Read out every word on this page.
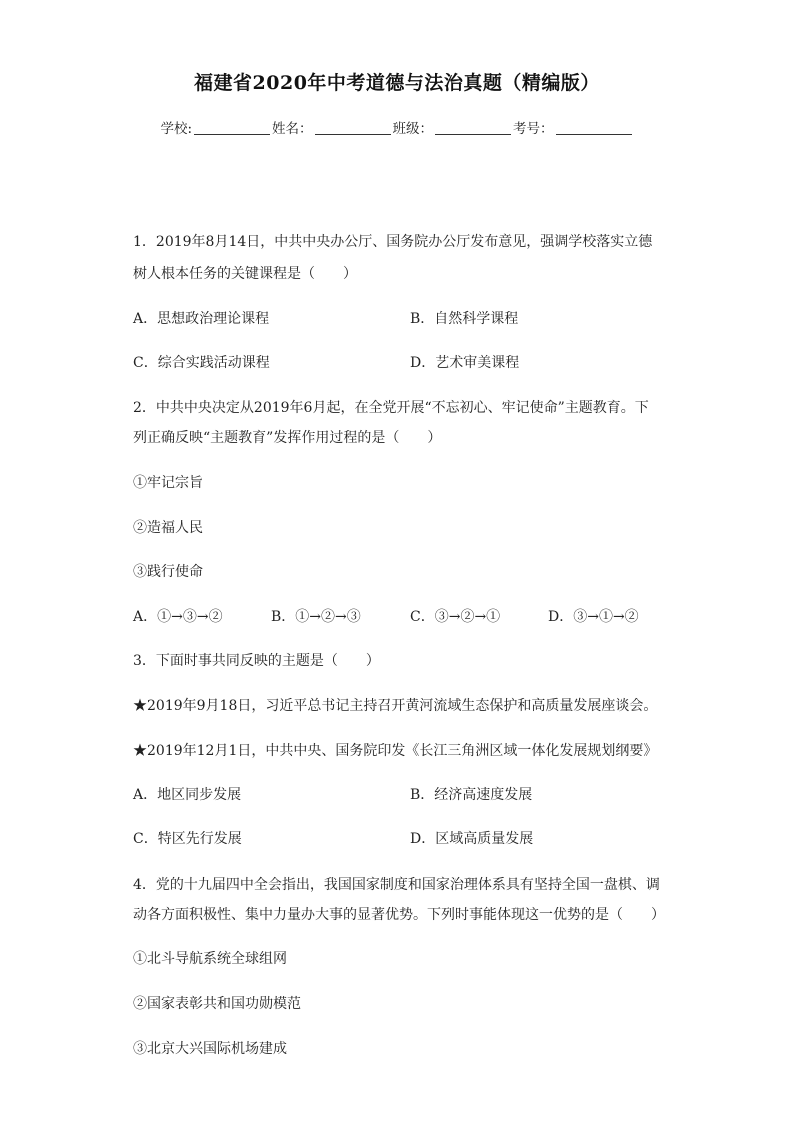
福建省2020年中考道德与法治真题（精编版）
学校:	姓名：	班级：	考号：
1．2019年8月14日，中共中央办公厅、国务院办公厅发布意见，强调学校落实立德
树人根本任务的关键课程是（　　）
A．思想政治理论课程	B．自然科学课程
C．综合实践活动课程	D．艺术审美课程
2．中共中央决定从2019年6月起，在全党开展“不忘初心、牢记使命”主题教育。下
列正确反映“主题教育”发挥作用过程的是（　　）
①牢记宗旨
②造福人民
③践行使命
A．①→③→②	B．①→②→③	C．③→②→①	D．③→①→②
3．下面时事共同反映的主题是（　　）
★2019年9月18日，习近平总书记主持召开黄河流域生态保护和高质量发展座谈会。
★2019年12月1日，中共中央、国务院印发《长江三角洲区域一体化发展规划纲要》
A．地区同步发展	B．经济高速度发展
C．特区先行发展	D．区域高质量发展
4．党的十九届四中全会指出，我国国家制度和国家治理体系具有坚持全国一盘棋、调
动各方面积极性、集中力量办大事的显著优势。下列时事能体现这一优势的是（　　）
①北斗导航系统全球组网
②国家表彰共和国功勋模范
③北京大兴国际机场建成
